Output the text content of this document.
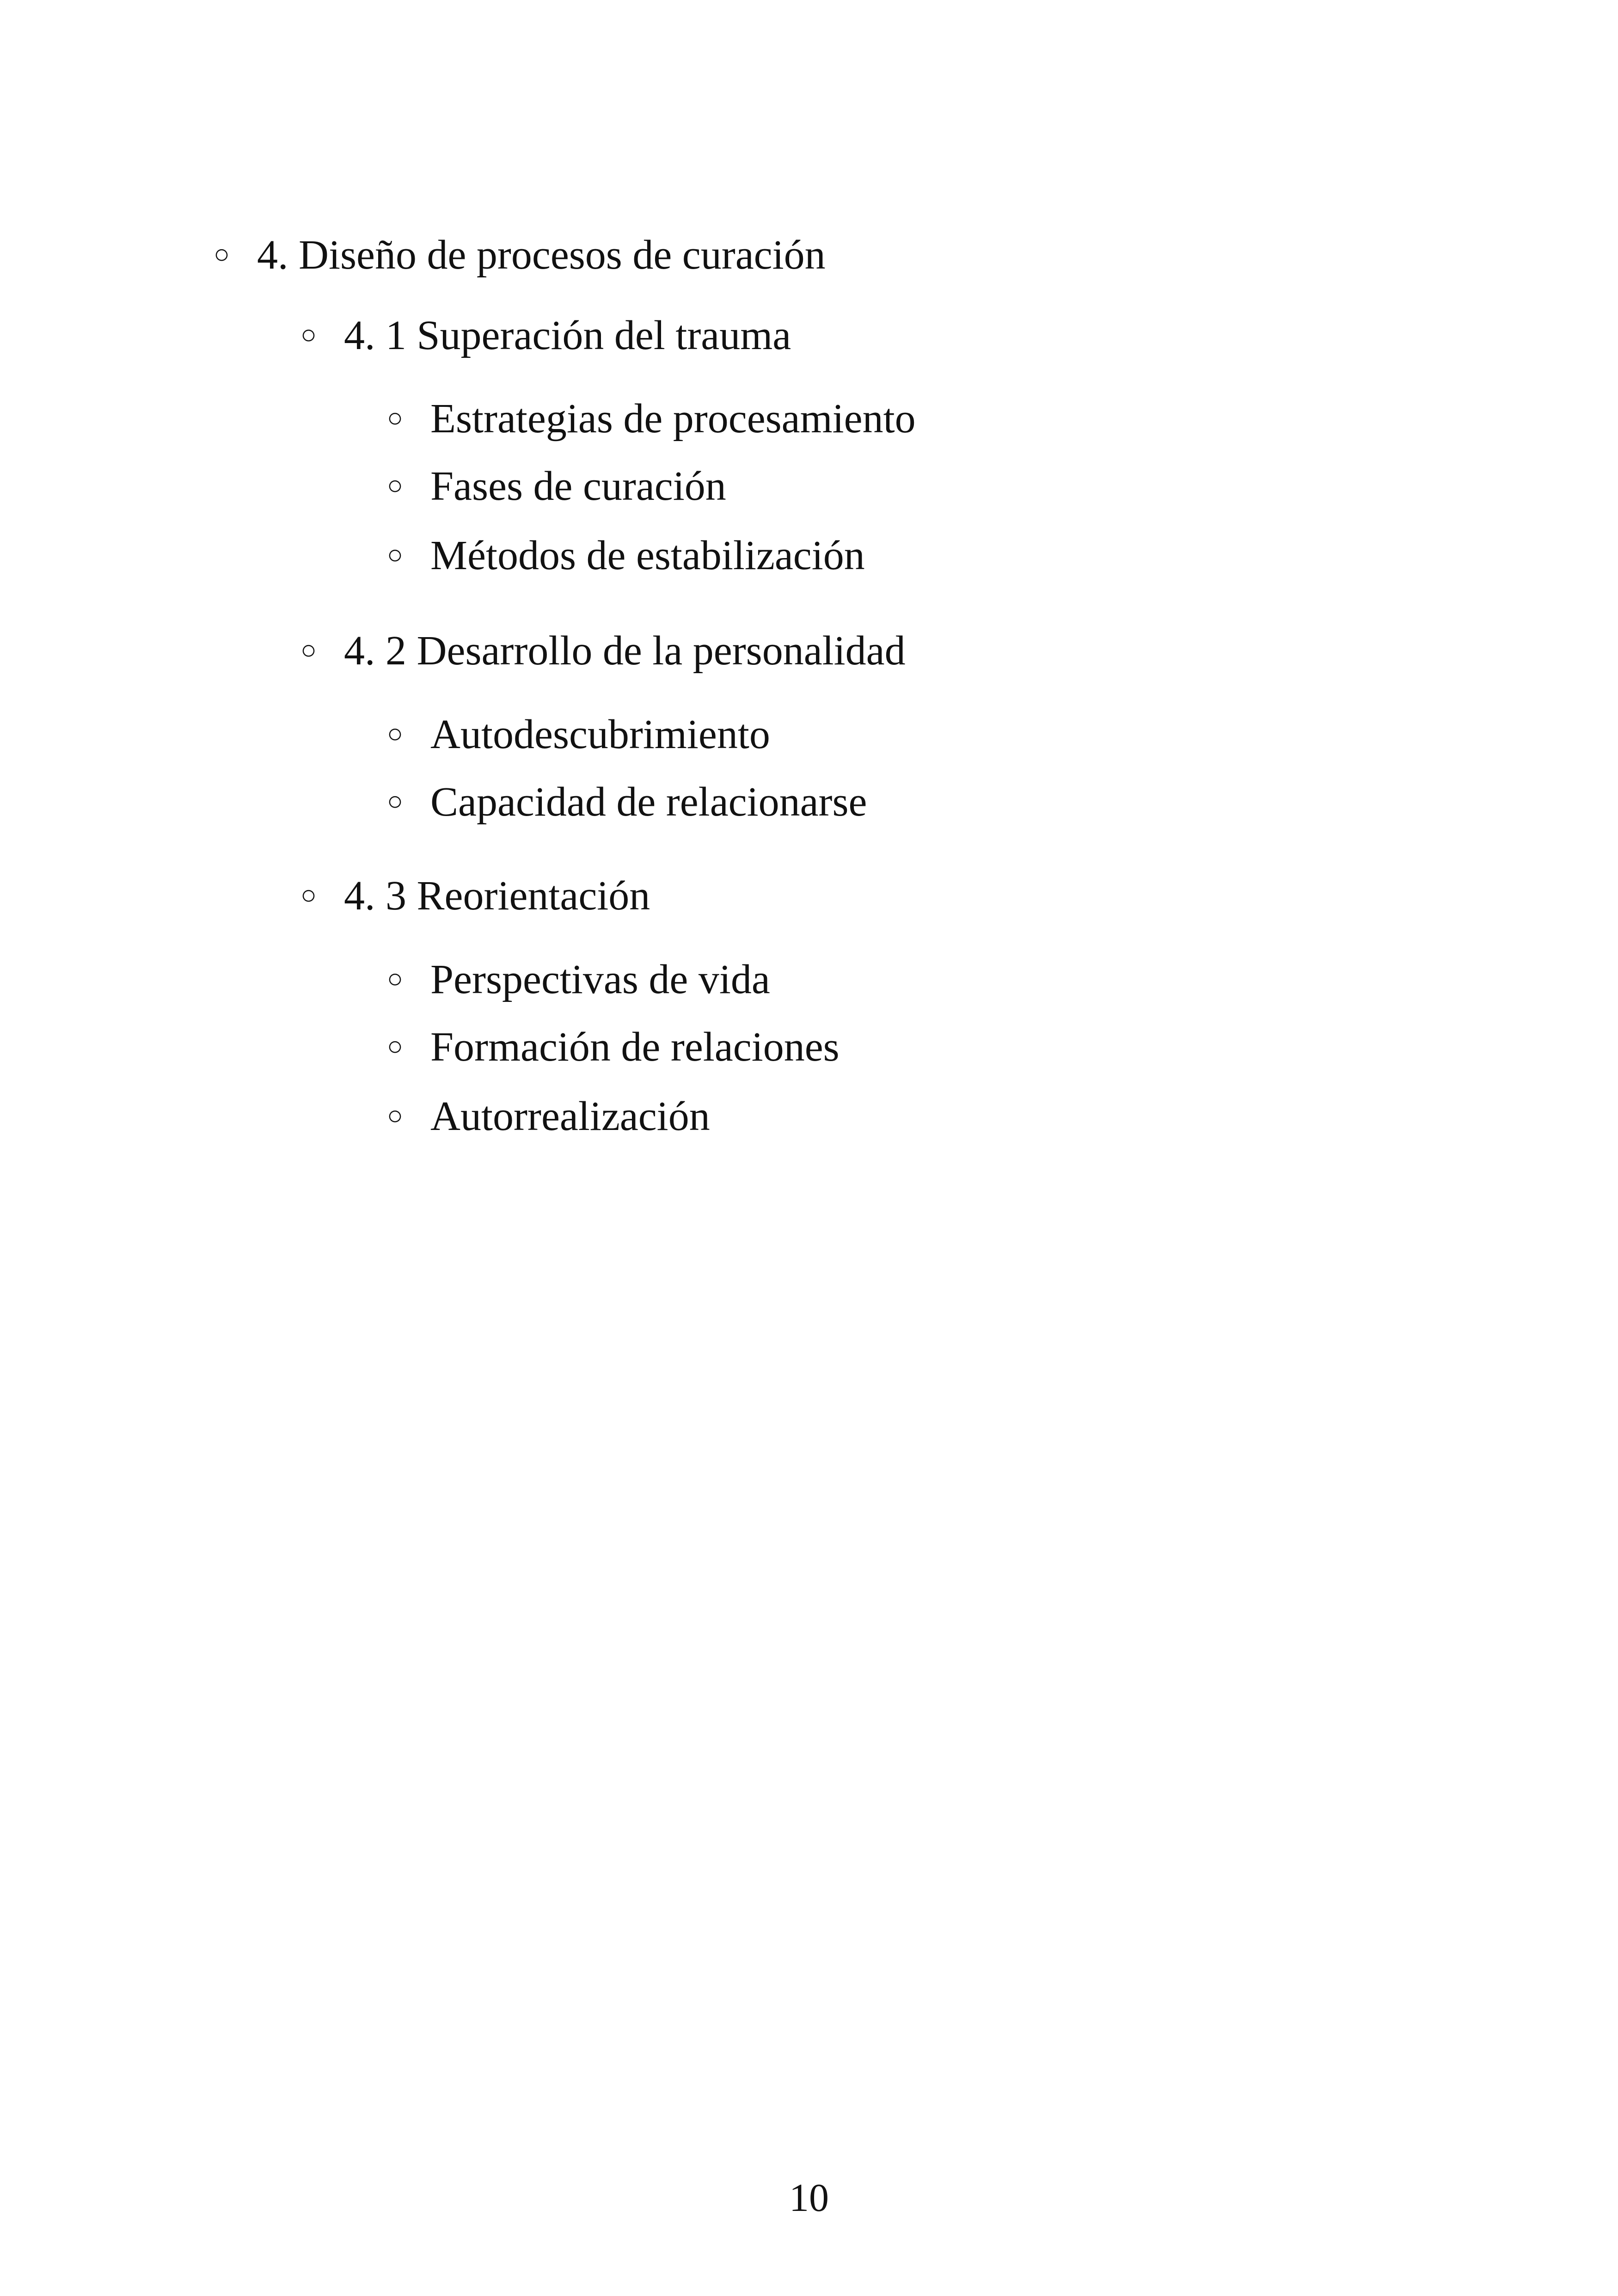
○ 4. Diseño de procesos de curación
○ 4. 1 Superación del trauma
○ Estrategias de procesamiento
○ Fases de curación
○ Métodos de estabilización
○ 4. 2 Desarrollo de la personalidad
○ Autodescubrimiento
○ Capacidad de relacionarse
○ 4. 3 Reorientación
○ Perspectivas de vida
○ Formación de relaciones
○ Autorrealización
10
